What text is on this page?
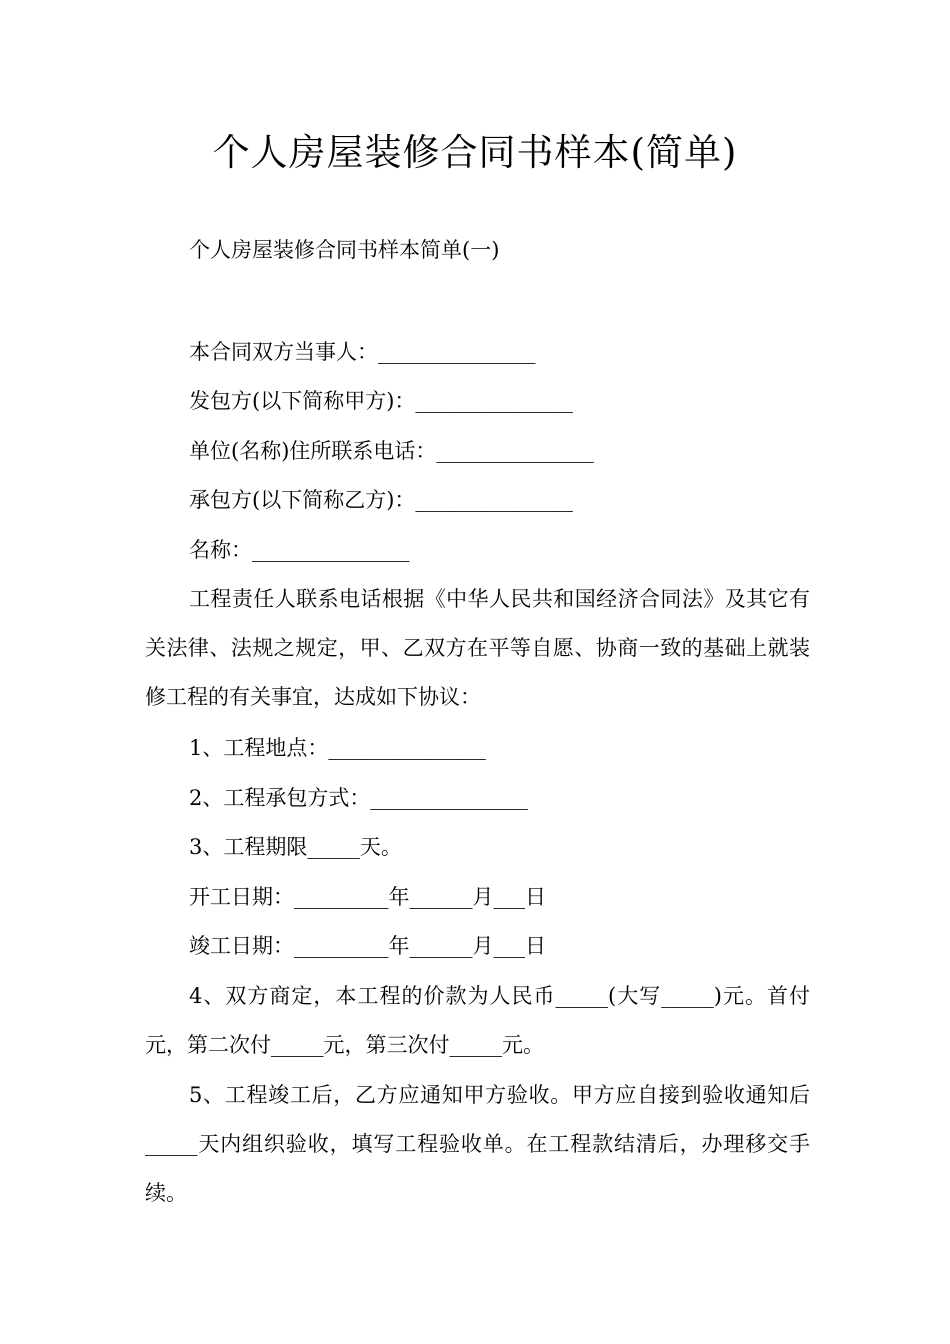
个人房屋装修合同书样本(简单)
个人房屋装修合同书样本简单(一)
本合同双方当事人：_______________
发包方(以下简称甲方)：_______________
单位(名称)住所联系电话：_______________
承包方(以下简称乙方)：_______________
名称：_______________
工程责任人联系电话根据《中华人民共和国经济合同法》及其它有关法律、法规之规定，甲、乙双方在平等自愿、协商一致的基础上就装修工程的有关事宜，达成如下协议：
1、工程地点：_______________
2、工程承包方式：_______________
3、工程期限_____天。
开工日期：_________年______月___日
竣工日期：_________年______月___日
4、双方商定，本工程的价款为人民币_____(大写_____)元。首付元，第二次付_____元，第三次付_____元。
5、工程竣工后，乙方应通知甲方验收。甲方应自接到验收通知后_____天内组织验收，填写工程验收单。在工程款结清后，办理移交手续。
